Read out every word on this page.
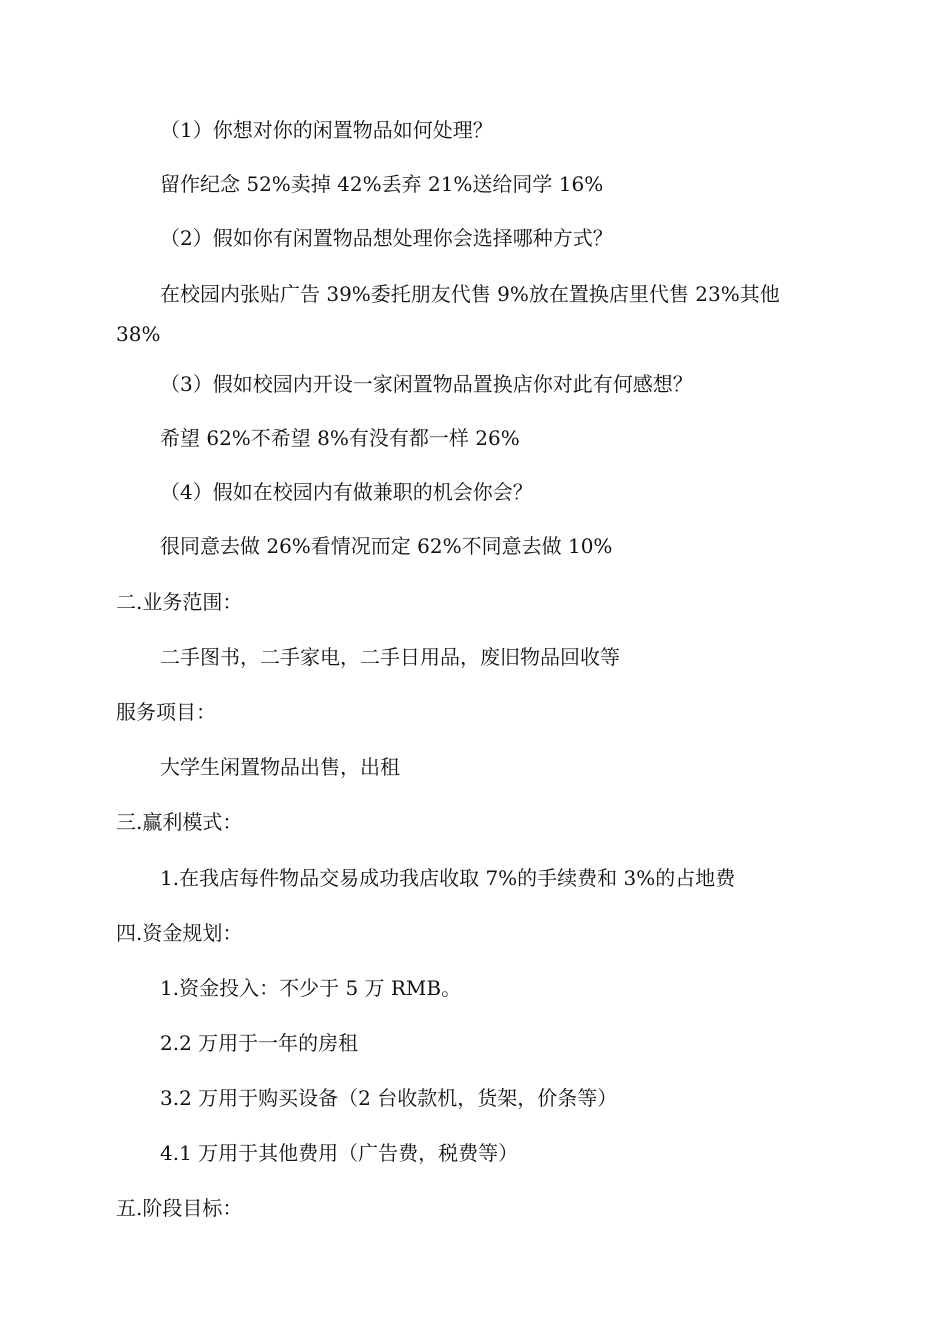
（1）你想对你的闲置物品如何处理？
留作纪念 52%卖掉 42%丢弃 21%送给同学 16%
（2）假如你有闲置物品想处理你会选择哪种方式？
在校园内张贴广告 39%委托朋友代售 9%放在置换店里代售 23%其他 38%
（3）假如校园内开设一家闲置物品置换店你对此有何感想？
希望 62%不希望 8%有没有都一样 26%
（4）假如在校园内有做兼职的机会你会？
很同意去做 26%看情况而定 62%不同意去做 10%
二.业务范围：
二手图书，二手家电，二手日用品，废旧物品回收等
服务项目：
大学生闲置物品出售，出租
三.赢利模式：
1.在我店每件物品交易成功我店收取 7%的手续费和 3%的占地费
四.资金规划：
1.资金投入：不少于 5 万 RMB。
2.2 万用于一年的房租
3.2 万用于购买设备（2 台收款机，货架，价条等）
4.1 万用于其他费用（广告费，税费等）
五.阶段目标：
